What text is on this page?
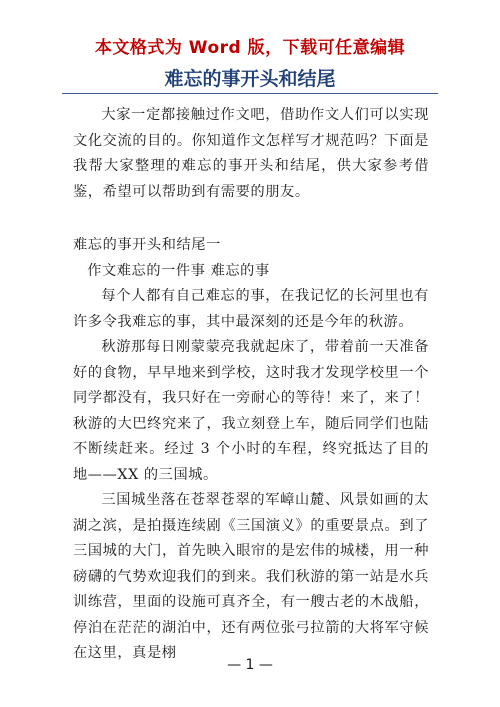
本文格式为 Word 版，下载可任意编辑
难忘的事开头和结尾

大家一定都接触过作文吧，借助作文人们可以实现文化交流的目的。你知道作文怎样写才规范吗？下面是我帮大家整理的难忘的事开头和结尾，供大家参考借鉴，希望可以帮助到有需要的朋友。

难忘的事开头和结尾一

作文难忘的一件事 难忘的事

每个人都有自己难忘的事，在我记忆的长河里也有许多令我难忘的事，其中最深刻的还是今年的秋游。

秋游那每日刚蒙蒙亮我就起床了，带着前一天准备好的食物，早早地来到学校，这时我才发现学校里一个同学都没有，我只好在一旁耐心的等待！来了，来了！秋游的大巴终究来了，我立刻登上车，随后同学们也陆不断续赶来。经过 3 个小时的车程，终究抵达了目的地——XX 的三国城。

三国城坐落在苍翠苍翠的军嶂山麓、风景如画的太湖之滨，是拍摄连续剧《三国演义》的重要景点。到了三国城的大门，首先映入眼帘的是宏伟的城楼，用一种磅礴的气势欢迎我们的到来。我们秋游的第一站是水兵训练营，里面的设施可真齐全，有一艘古老的木战船，停泊在茫茫的湖泊中，还有两位张弓拉箭的大将军守候在这里，真是栩

— 1 —
